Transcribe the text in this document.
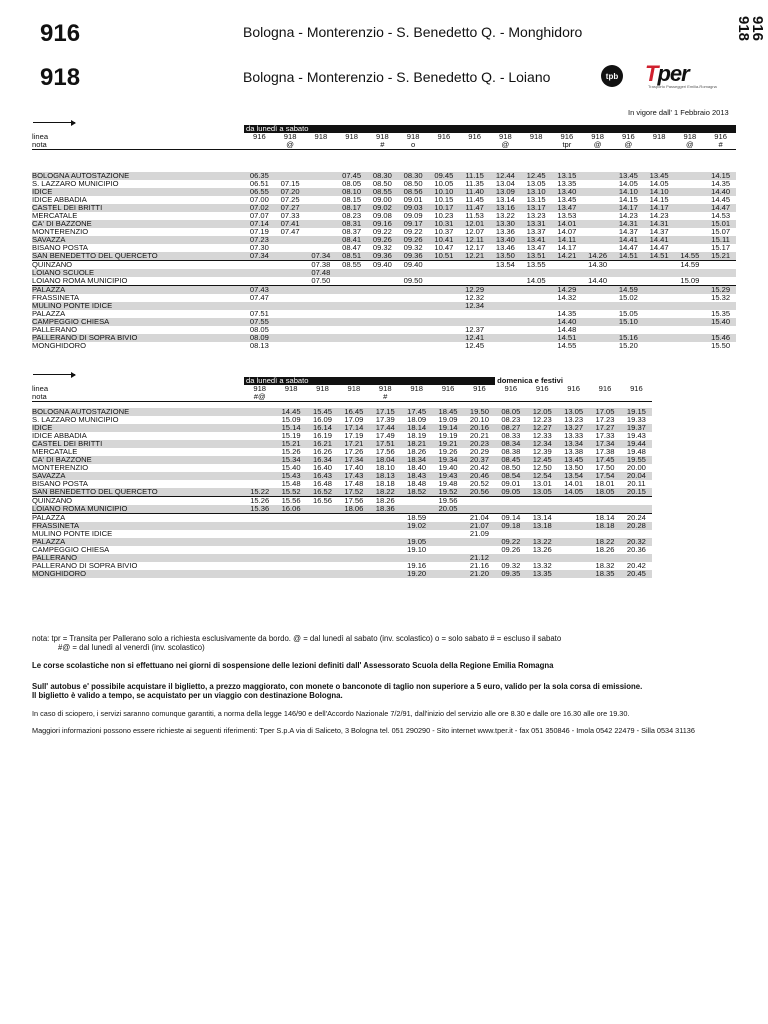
916	Bologna - Monterenzio - S. Benedetto Q. - Monghidoro
918	Bologna - Monterenzio - S. Benedetto Q. - Loiano
916
918
tpb Tper
Trasporto Passeggeri Emilia-Romagna
In vigore dall' 1 Febbraio 2013
	da lunedì a sabato															
linea	916	918	918	918	918	918	916	916	918	918	916	918	916	918	918	916
nota		@			#	o			@		tpr	@	@		@	#

BOLOGNA AUTOSTAZIONE	06.35			07.45	08.30	08.30	09.45	11.15	12.44	12.45	13.15		13.45	13.45		14.15
S. LAZZARO MUNICIPIO	06.51	07.15		08.05	08.50	08.50	10.05	11.35	13.04	13.05	13.35		14.05	14.05		14.35
IDICE	06.55	07.20		08.10	08.55	08.56	10.10	11.40	13.09	13.10	13.40		14.10	14.10		14.40
IDICE ABBADIA	07.00	07.25		08.15	09.00	09.01	10.15	11.45	13.14	13.15	13.45		14.15	14.15		14.45
CASTEL DEI BRITTI	07.02	07.27		08.17	09.02	09.03	10.17	11.47	13.16	13.17	13.47		14.17	14.17		14.47
MERCATALE	07.07	07.33		08.23	09.08	09.09	10.23	11.53	13.22	13.23	13.53		14.23	14.23		14.53
CA' DI BAZZONE	07.14	07.41		08.31	09.16	09.17	10.31	12.01	13.30	13.31	14.01		14.31	14.31		15.01
MONTERENZIO	07.19	07.47		08.37	09.22	09.22	10.37	12.07	13.36	13.37	14.07		14.37	14.37		15.07
SAVAZZA	07.23			08.41	09.26	09.26	10.41	12.11	13.40	13.41	14.11		14.41	14.41		15.11
BISANO POSTA	07.30			08.47	09.32	09.32	10.47	12.17	13.46	13.47	14.17		14.47	14.47		15.17
SAN BENEDETTO DEL QUERCETO	07.34		07.34	08.51	09.36	09.36	10.51	12.21	13.50	13.51	14.21	14.26	14.51	14.51	14.55	15.21
QUINZANO			07.38	08.55	09.40	09.40			13.54	13.55		14.30			14.59	
LOIANO SCUOLE			07.48													
LOIANO ROMA MUNICIPIO			07.50			09.50				14.05		14.40			15.09	
PALAZZA	07.43							12.29			14.29		14.59			15.29
FRASSINETA	07.47							12.32			14.32		15.02			15.32
MULINO PONTE IDICE								12.34								
PALAZZA	07.51										14.35		15.05			15.35
CAMPEGGIO CHIESA	07.55										14.40		15.10			15.40
PALLERANO	08.05							12.37			14.48					
PALLERANO DI SOPRA BIVIO	08.09							12.41			14.51		15.16			15.46
MONGHIDORO	08.13							12.45			14.55		15.20			15.50
	da lunedì a sabato								domenica e festivi				
linea	918	918	918	918	918	918	916	916	916	916	916	916	916
nota	#@				#								

BOLOGNA AUTOSTAZIONE		14.45	15.45	16.45	17.15	17.45	18.45	19.50	08.05	12.05	13.05	17.05	19.15
S. LAZZARO MUNICIPIO		15.09	16.09	17.09	17.39	18.09	19.09	20.10	08.23	12.23	13.23	17.23	19.33
IDICE		15.14	16.14	17.14	17.44	18.14	19.14	20.16	08.27	12.27	13.27	17.27	19.37
IDICE ABBADIA		15.19	16.19	17.19	17.49	18.19	19.19	20.21	08.33	12.33	13.33	17.33	19.43
CASTEL DEI BRITTI		15.21	16.21	17.21	17.51	18.21	19.21	20.23	08.34	12.34	13.34	17.34	19.44
MERCATALE		15.26	16.26	17.26	17.56	18.26	19.26	20.29	08.38	12.39	13.38	17.38	19.48
CA' DI BAZZONE		15.34	16.34	17.34	18.04	18.34	19.34	20.37	08.45	12.45	13.45	17.45	19.55
MONTERENZIO		15.40	16.40	17.40	18.10	18.40	19.40	20.42	08.50	12.50	13.50	17.50	20.00
SAVAZZA		15.43	16.43	17.43	18.13	18.43	19.43	20.46	08.54	12.54	13.54	17.54	20.04
BISANO POSTA		15.48	16.48	17.48	18.18	18.48	19.48	20.52	09.01	13.01	14.01	18.01	20.11
SAN BENEDETTO DEL QUERCETO	15.22	15.52	16.52	17.52	18.22	18.52	19.52	20.56	09.05	13.05	14.05	18.05	20.15
QUINZANO	15.26	15.56	16.56	17.56	18.26		19.56						
LOIANO ROMA MUNICIPIO	15.36	16.06		18.06	18.36		20.05						
PALAZZA						18.59		21.04	09.14	13.14		18.14	20.24
FRASSINETA						19.02		21.07	09.18	13.18		18.18	20.28
MULINO PONTE IDICE								21.09					
PALAZZA						19.05			09.22	13.22		18.22	20.32
CAMPEGGIO CHIESA						19.10			09.26	13.26		18.26	20.36
PALLERANO								21.12					
PALLERANO DI SOPRA BIVIO						19.16		21.16	09.32	13.32		18.32	20.42
MONGHIDORO						19.20		21.20	09.35	13.35		18.35	20.45
nota: tpr = Transita per Pallerano solo a richiesta esclusivamente da bordo. @ = dal lunedì al sabato (inv. scolastico) o = solo sabato # = escluso il sabato
#@ = dal lunedì al venerdì (inv. scolastico)
Le corse scolastiche non si effettuano nei giorni di sospensione delle lezioni definiti dall' Assessorato Scuola della Regione Emilia Romagna
Sull' autobus e' possibile acquistare il biglietto, a prezzo maggiorato, con monete o banconote di taglio non superiore a 5 euro, valido per la sola corsa di emissione.
Il biglietto è valido a tempo, se acquistato per un viaggio con destinazione Bologna.
In caso di sciopero, i servizi saranno comunque garantiti, a norma della legge 146/90 e dell'Accordo Nazionale 7/2/91, dall'inizio del servizio alle ore 8.30 e dalle ore 16.30 alle ore 19.30.
Maggiori informazioni possono essere richieste ai seguenti riferimenti: Tper S.p.A via di Saliceto, 3 Bologna tel. 051 290290 - Sito internet www.tper.it - fax 051 350846 - Imola 0542 22479 - Silla 0534 31136
